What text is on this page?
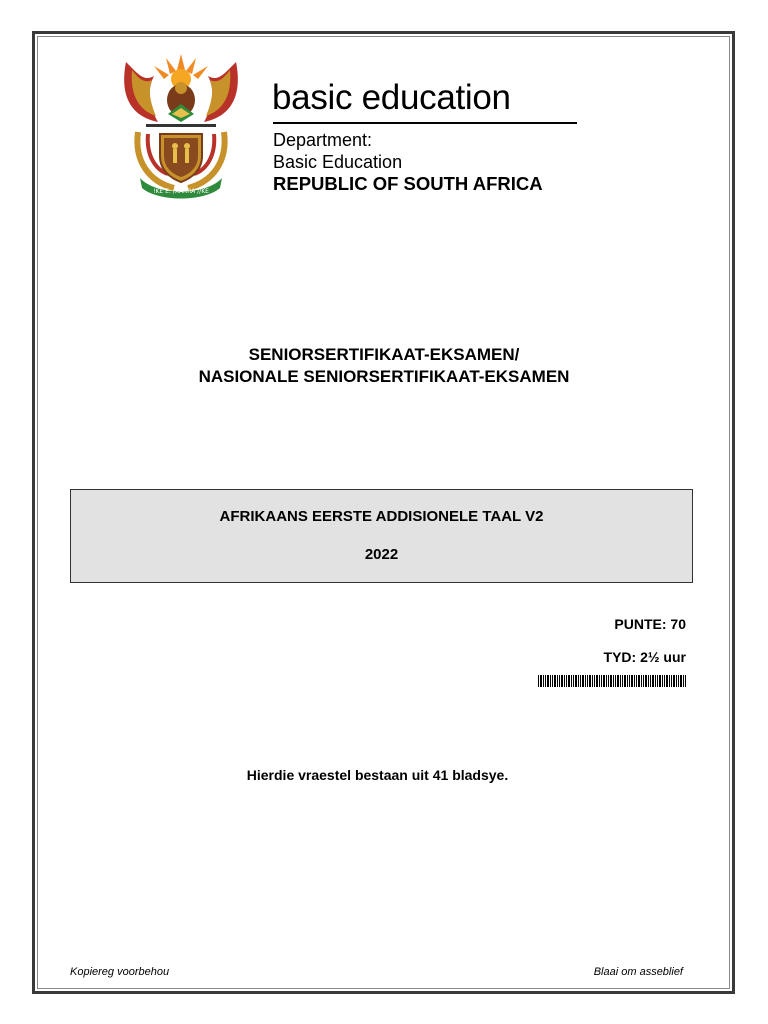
!KE E: /XARRA //KE
basic education
Department:
Basic Education
REPUBLIC OF SOUTH AFRICA
SENIORSERTIFIKAAT-EKSAMEN/
NASIONALE SENIORSERTIFIKAAT-EKSAMEN
AFRIKAANS EERSTE ADDISIONELE TAAL V2
2022
PUNTE: 70
TYD: 2½ uur
Hierdie vraestel bestaan uit 41 bladsye.
Kopiereg voorbehou	Blaai om asseblief
